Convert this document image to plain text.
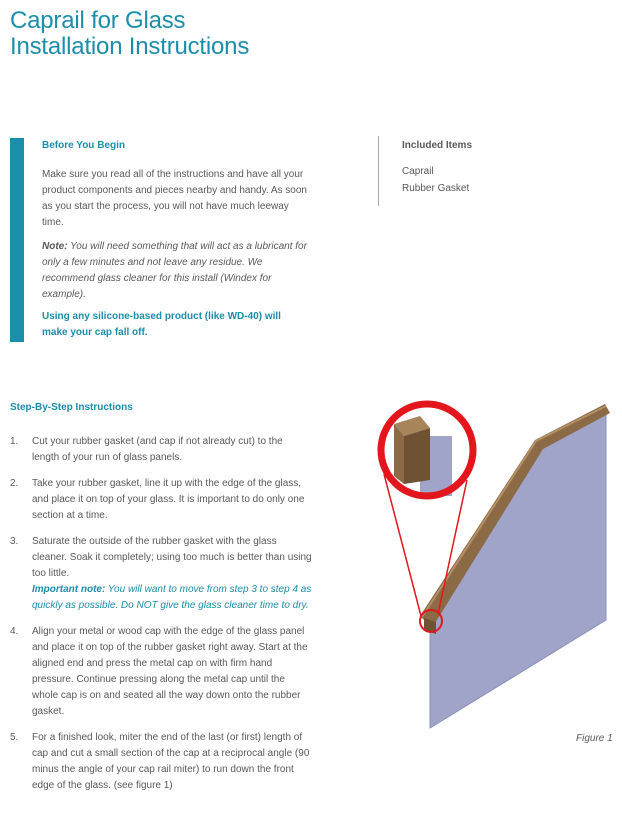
Caprail for Glass
Installation Instructions
Before You Begin

Make sure you read all of the instructions and have all your product components and pieces nearby and handy. As soon as you start the process, you will not have much leeway time.

Note: You will need something that will act as a lubricant for only a few minutes and not leave any residue. We recommend glass cleaner for this install (Windex for example).

Using any silicone-based product (like WD-40) will make your cap fall off.

Included Items
Caprail
Rubber Gasket
Step-By-Step Instructions
1. Cut your rubber gasket (and cap if not already cut) to the length of your run of glass panels.
2. Take your rubber gasket, line it up with the edge of the glass, and place it on top of your glass. It is important to do only one section at a time.
3. Saturate the outside of the rubber gasket with the glass cleaner. Soak it completely; using too much is better than using too little.
Important note: You will want to move from step 3 to step 4 as quickly as possible. Do NOT give the glass cleaner time to dry.
4. Align your metal or wood cap with the edge of the glass panel and place it on top of the rubber gasket right away. Start at the aligned end and press the metal cap on with firm hand pressure. Continue pressing along the metal cap until the whole cap is on and seated all the way down onto the rubber gasket.
5. For a finished look, miter the end of the last (or first) length of cap and cut a small section of the cap at a reciprocal angle (90 minus the angle of your cap rail miter) to run down the front edge of the glass. (see figure 1)
Figure 1
